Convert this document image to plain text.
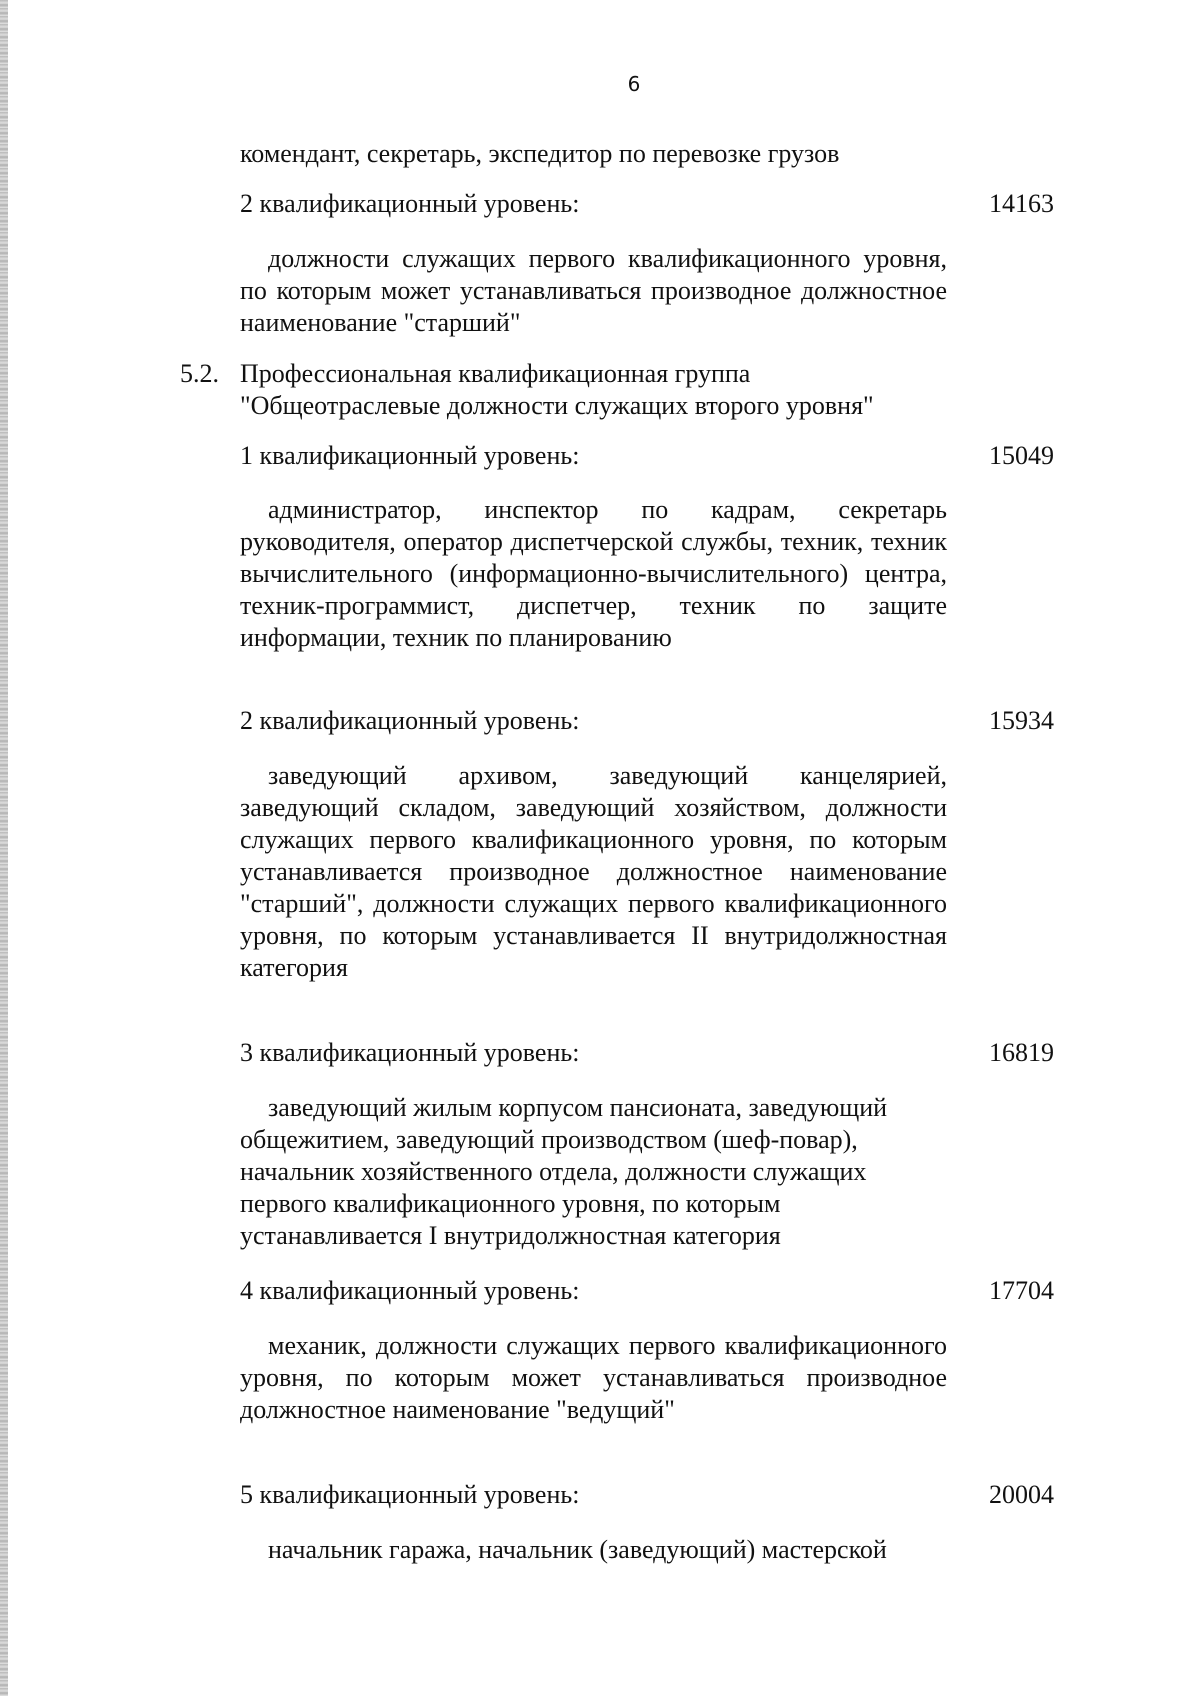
6
комендант, секретарь, экспедитор по перевозке грузов
2 квалификационный уровень:	14163
должности служащих первого квалификационного уровня, по которым может устанавливаться производное должностное наименование "старший"
5.2. Профессиональная квалификационная группа
"Общеотраслевые должности служащих второго уровня"
1 квалификационный уровень:	15049
администратор, инспектор по кадрам, секретарь руководителя, оператор диспетчерской службы, техник, техник вычислительного (информационно-вычислительного) центра, техник-программист, диспетчер, техник по защите информации, техник по планированию
2 квалификационный уровень:	15934
заведующий архивом, заведующий канцелярией, заведующий складом, заведующий хозяйством, должности служащих первого квалификационного уровня, по которым устанавливается производное должностное наименование "старший", должности служащих первого квалификационного уровня, по которым устанавливается II внутридолжностная категория
3 квалификационный уровень:	16819
заведующий жилым корпусом пансионата, заведующий общежитием, заведующий производством (шеф-повар), начальник хозяйственного отдела, должности служащих первого квалификационного уровня, по которым устанавливается I внутридолжностная категория
4 квалификационный уровень:	17704
механик, должности служащих первого квалификационного уровня, по которым может устанавливаться производное должностное наименование "ведущий"
5 квалификационный уровень:	20004
начальник гаража, начальник (заведующий) мастерской
